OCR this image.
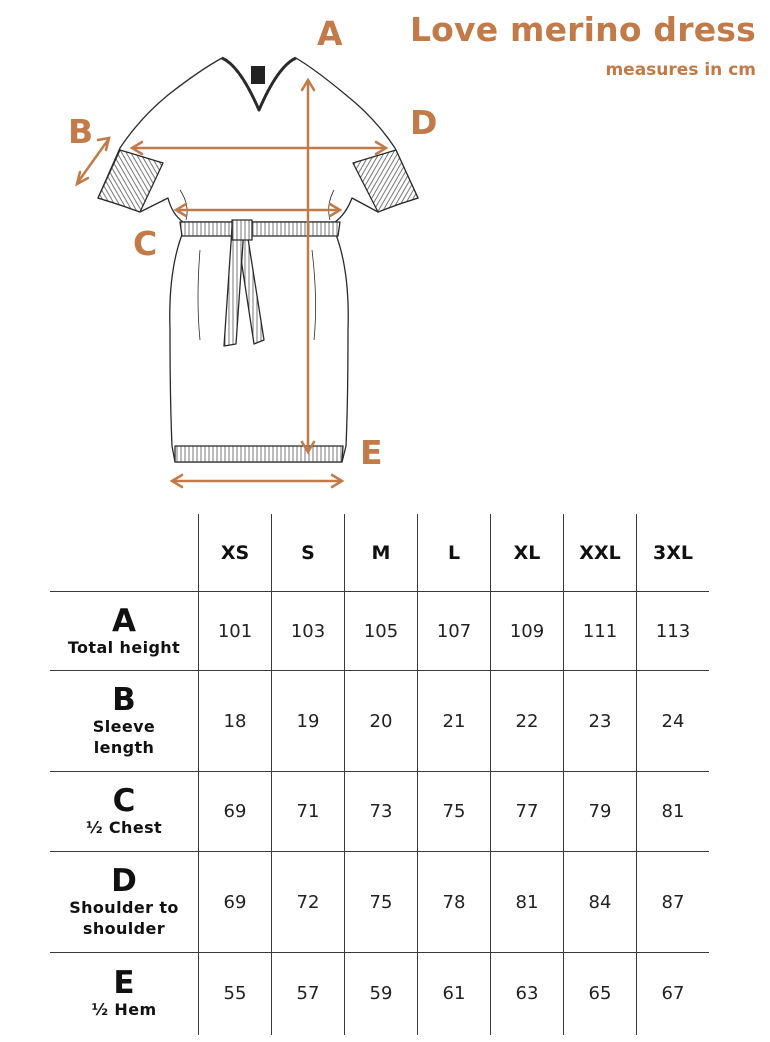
Love merino dress
measures in cm
A
B
C
D
E
	XS	S	M	L	XL	XXL	3XL

A
Total height	101	103	105	107	109	111	113

B
Sleeve
length	18	19	20	21	22	23	24

C
½ Chest	69	71	73	75	77	79	81

D
Shoulder to
shoulder	69	72	75	78	81	84	87

E
½ Hem	55	57	59	61	63	65	67
